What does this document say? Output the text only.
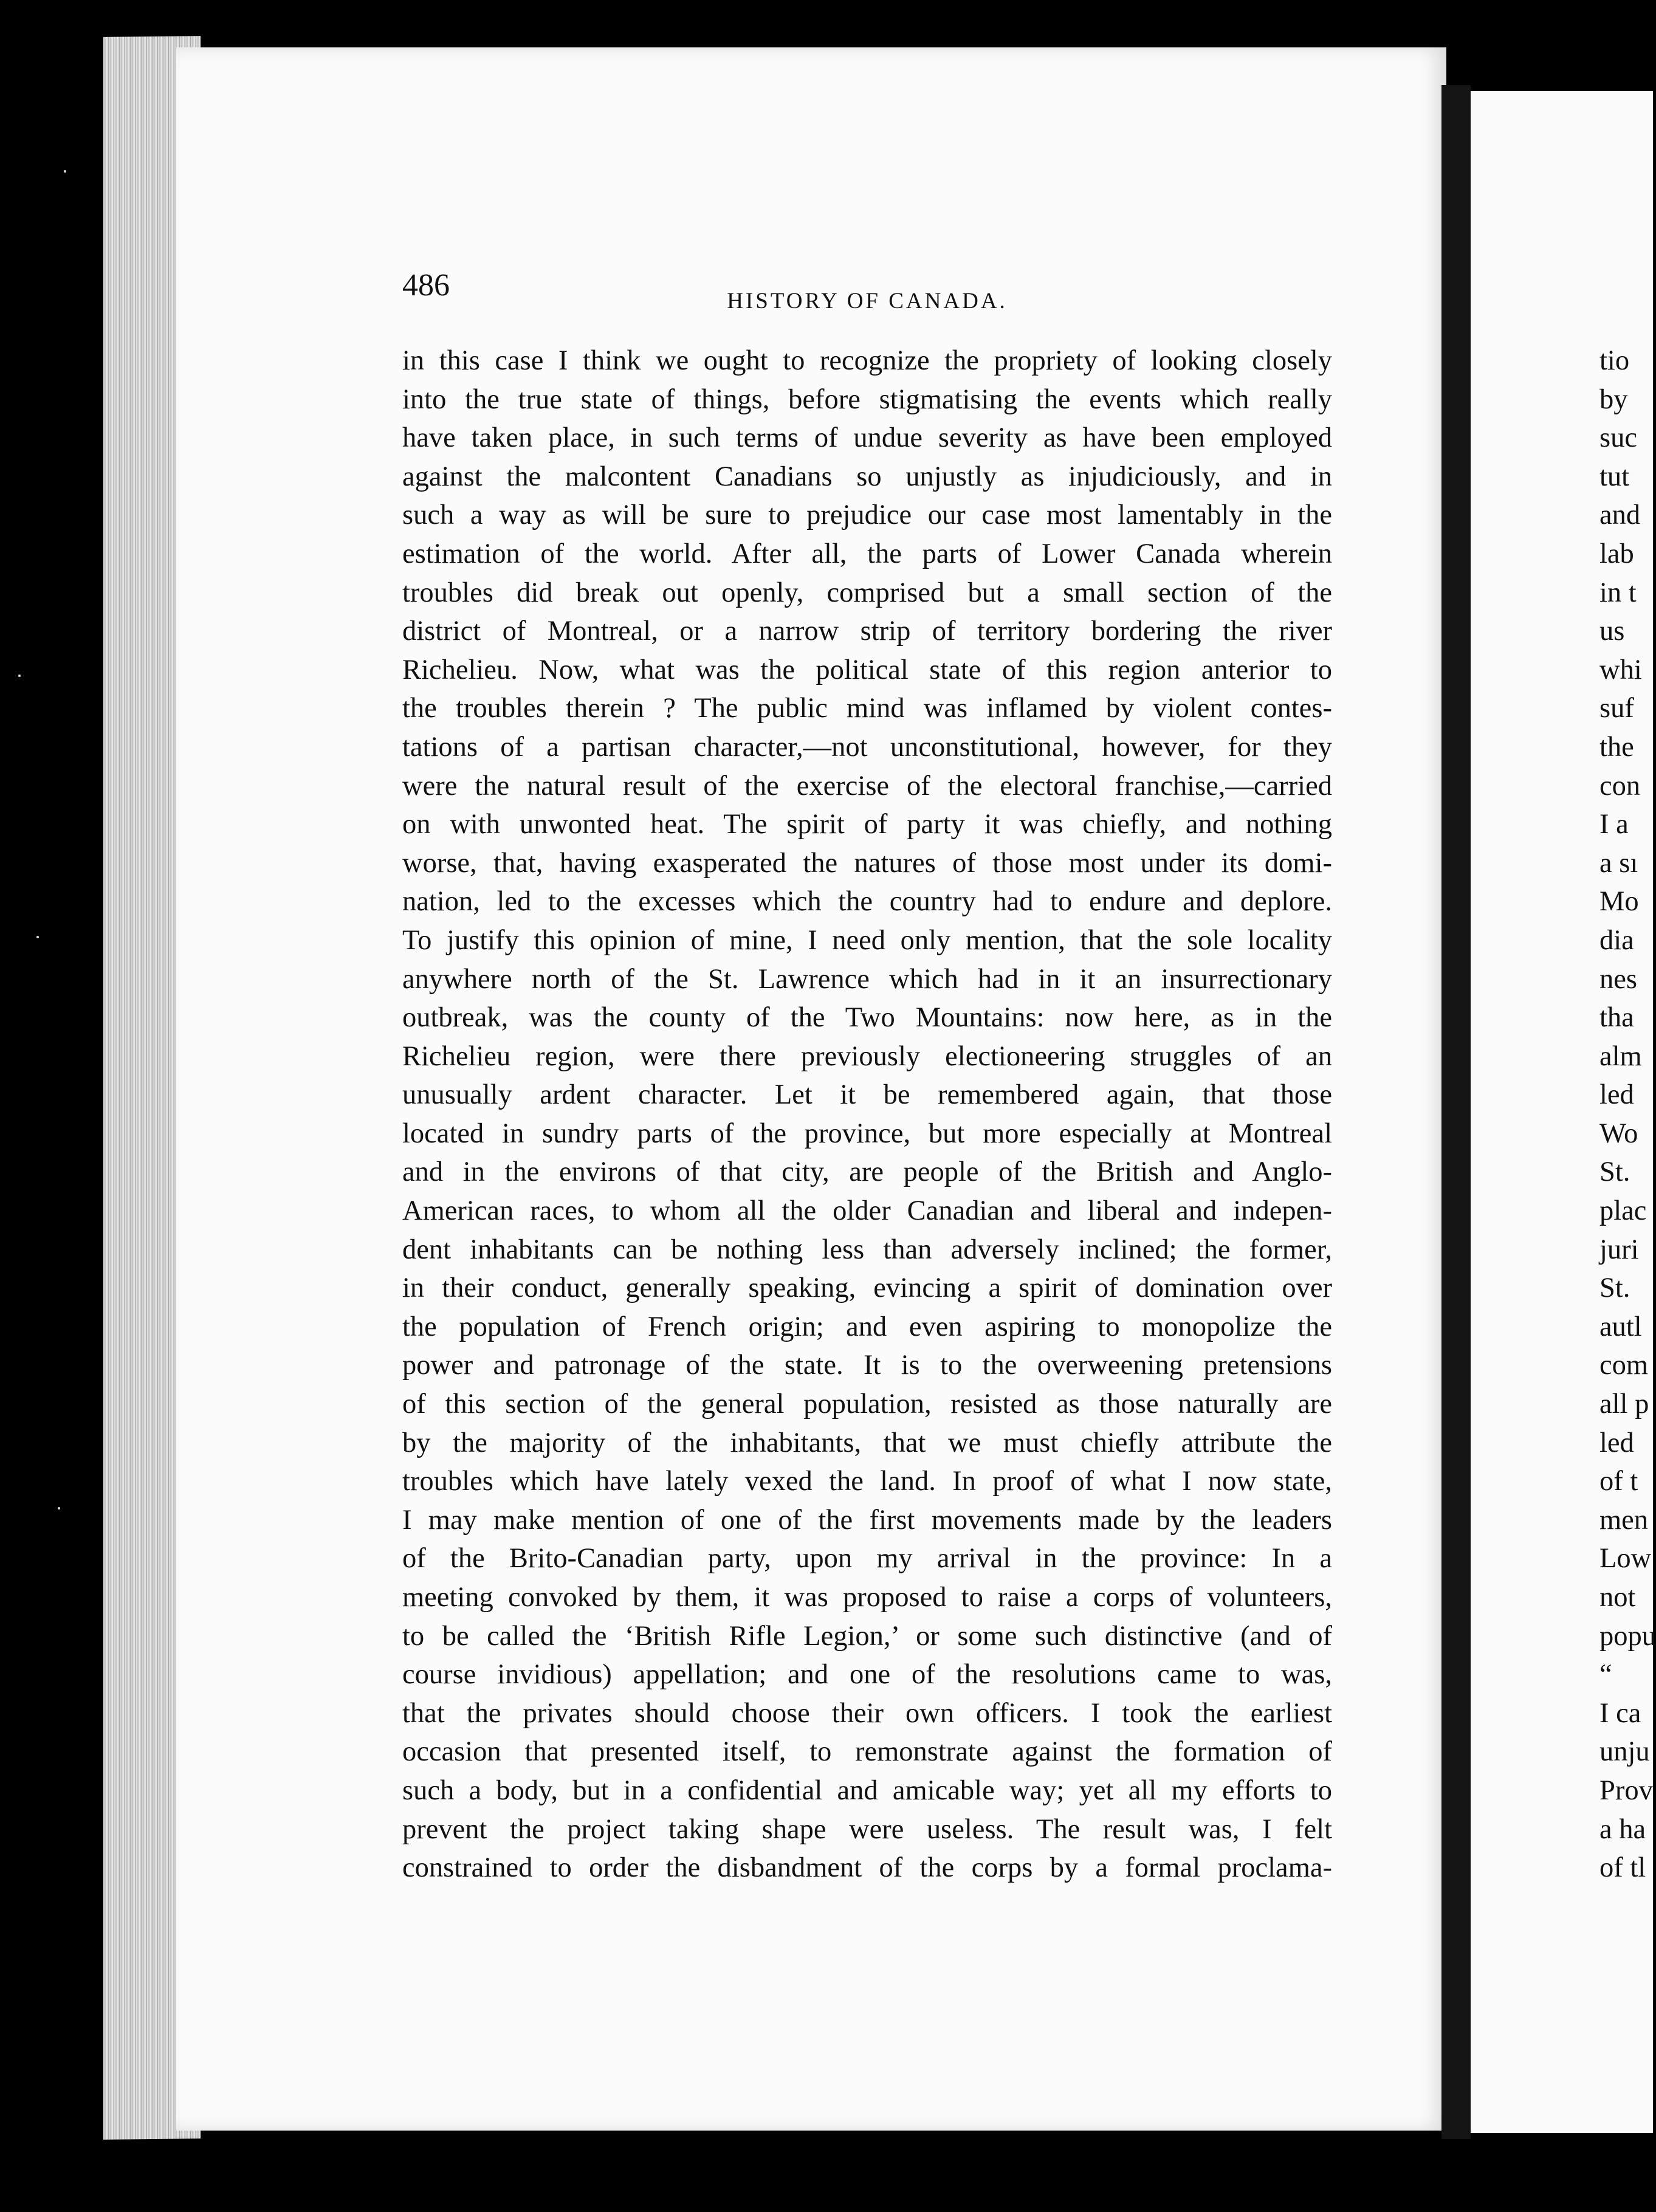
486	HISTORY OF CANADA.
in this case I think we ought to recognize the propriety of looking closely
into the true state of things, before stigmatising the events which really
have taken place, in such terms of undue severity as have been employed
against the malcontent Canadians so unjustly as injudiciously, and in
such a way as will be sure to prejudice our case most lamentably in the
estimation of the world. After all, the parts of Lower Canada wherein
troubles did break out openly, comprised but a small section of the
district of Montreal, or a narrow strip of territory bordering the river
Richelieu. Now, what was the political state of this region anterior to
the troubles therein ? The public mind was inflamed by violent contes-
tations of a partisan character,—not unconstitutional, however, for they
were the natural result of the exercise of the electoral franchise,—carried
on with unwonted heat. The spirit of party it was chiefly, and nothing
worse, that, having exasperated the natures of those most under its domi-
nation, led to the excesses which the country had to endure and deplore.
To justify this opinion of mine, I need only mention, that the sole locality
anywhere north of the St. Lawrence which had in it an insurrectionary
outbreak, was the county of the Two Mountains: now here, as in the
Richelieu region, were there previously electioneering struggles of an
unusually ardent character. Let it be remembered again, that those
located in sundry parts of the province, but more especially at Montreal
and in the environs of that city, are people of the British and Anglo-
American races, to whom all the older Canadian and liberal and indepen-
dent inhabitants can be nothing less than adversely inclined; the former,
in their conduct, generally speaking, evincing a spirit of domination over
the population of French origin; and even aspiring to monopolize the
power and patronage of the state. It is to the overweening pretensions
of this section of the general population, resisted as those naturally are
by the majority of the inhabitants, that we must chiefly attribute the
troubles which have lately vexed the land. In proof of what I now state,
I may make mention of one of the first movements made by the leaders
of the Brito-Canadian party, upon my arrival in the province: In a
meeting convoked by them, it was proposed to raise a corps of volunteers,
to be called the ‘British Rifle Legion,’ or some such distinctive (and of
course invidious) appellation; and one of the resolutions came to was,
that the privates should choose their own officers. I took the earliest
occasion that presented itself, to remonstrate against the formation of
such a body, but in a confidential and amicable way; yet all my efforts to
prevent the project taking shape were useless. The result was, I felt
constrained to order the disbandment of the corps by a formal proclama-
tio
by
suc
tut
and
lab
in t
us
whi
suf
the
con
I a
a sı
Mo
dia
nes
tha
alm
led
Wo
St.
plac
juri
St.
autl
com
all p
led
of t
men
Low
not
popu
“
I ca
unju
Prov
a ha
of tl
